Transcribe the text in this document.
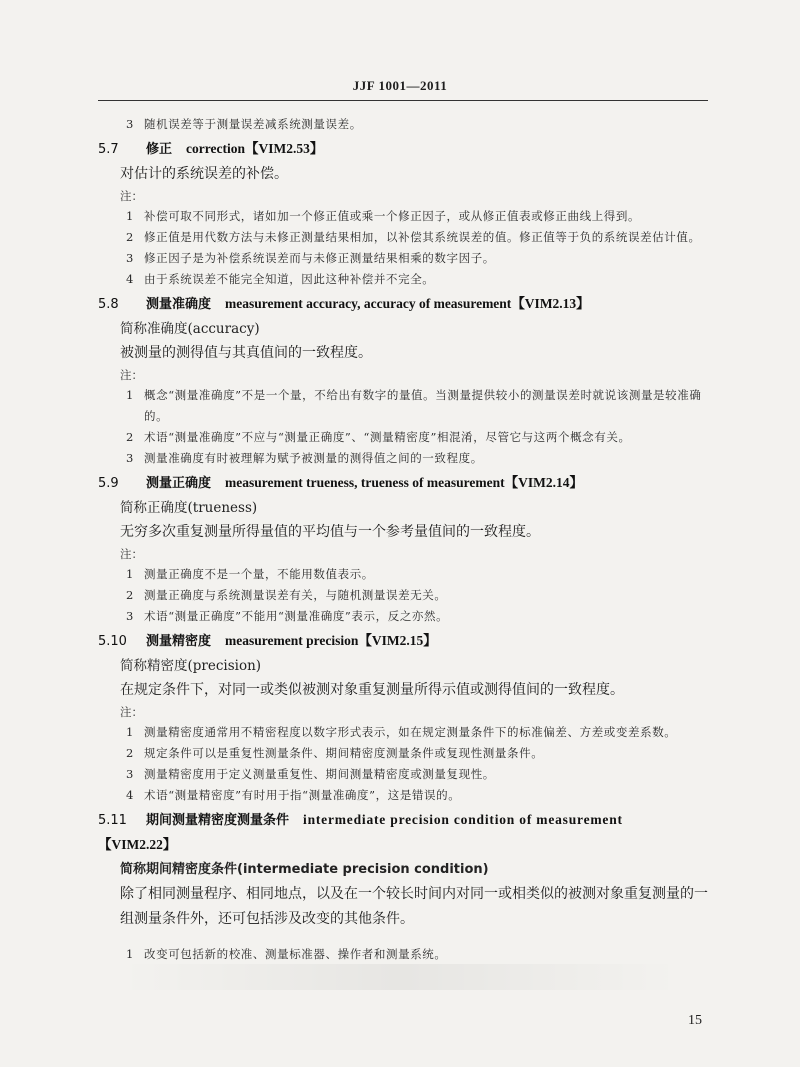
JJF 1001—2011
3 随机误差等于测量误差减系统测量误差。
5.7 修正 correction【VIM2.53】
对估计的系统误差的补偿。
注：
1 补偿可取不同形式，诸如加一个修正值或乘一个修正因子，或从修正值表或修正曲线上得到。
2 修正值是用代数方法与未修正测量结果相加，以补偿其系统误差的值。修正值等于负的系统误差估计值。
3 修正因子是为补偿系统误差而与未修正测量结果相乘的数字因子。
4 由于系统误差不能完全知道，因此这种补偿并不完全。
5.8 测量准确度 measurement accuracy, accuracy of measurement【VIM2.13】
简称准确度(accuracy)
被测量的测得值与其真值间的一致程度。
注：
1 概念“测量准确度”不是一个量，不给出有数字的量值。当测量提供较小的测量误差时就说该测量是较准确的。
2 术语“测量准确度”不应与“测量正确度”、“测量精密度”相混淆，尽管它与这两个概念有关。
3 测量准确度有时被理解为赋予被测量的测得值之间的一致程度。
5.9 测量正确度 measurement trueness, trueness of measurement【VIM2.14】
简称正确度(trueness)
无穷多次重复测量所得量值的平均值与一个参考量值间的一致程度。
注：
1 测量正确度不是一个量，不能用数值表示。
2 测量正确度与系统测量误差有关，与随机测量误差无关。
3 术语“测量正确度”不能用“测量准确度”表示，反之亦然。
5.10 测量精密度 measurement precision【VIM2.15】
简称精密度(precision)
在规定条件下，对同一或类似被测对象重复测量所得示值或测得值间的一致程度。
注：
1 测量精密度通常用不精密程度以数字形式表示，如在规定测量条件下的标准偏差、方差或变差系数。
2 规定条件可以是重复性测量条件、期间精密度测量条件或复现性测量条件。
3 测量精密度用于定义测量重复性、期间测量精密度或测量复现性。
4 术语“测量精密度”有时用于指“测量准确度”，这是错误的。
5.11 期间测量精密度测量条件 intermediate precision condition of measurement
【VIM2.22】
简称期间精密度条件(intermediate precision condition)
除了相同测量程序、相同地点，以及在一个较长时间内对同一或相类似的被测对象重复测量的一组测量条件外，还可包括涉及改变的其他条件。
1 改变可包括新的校准、测量标准器、操作者和测量系统。
15
